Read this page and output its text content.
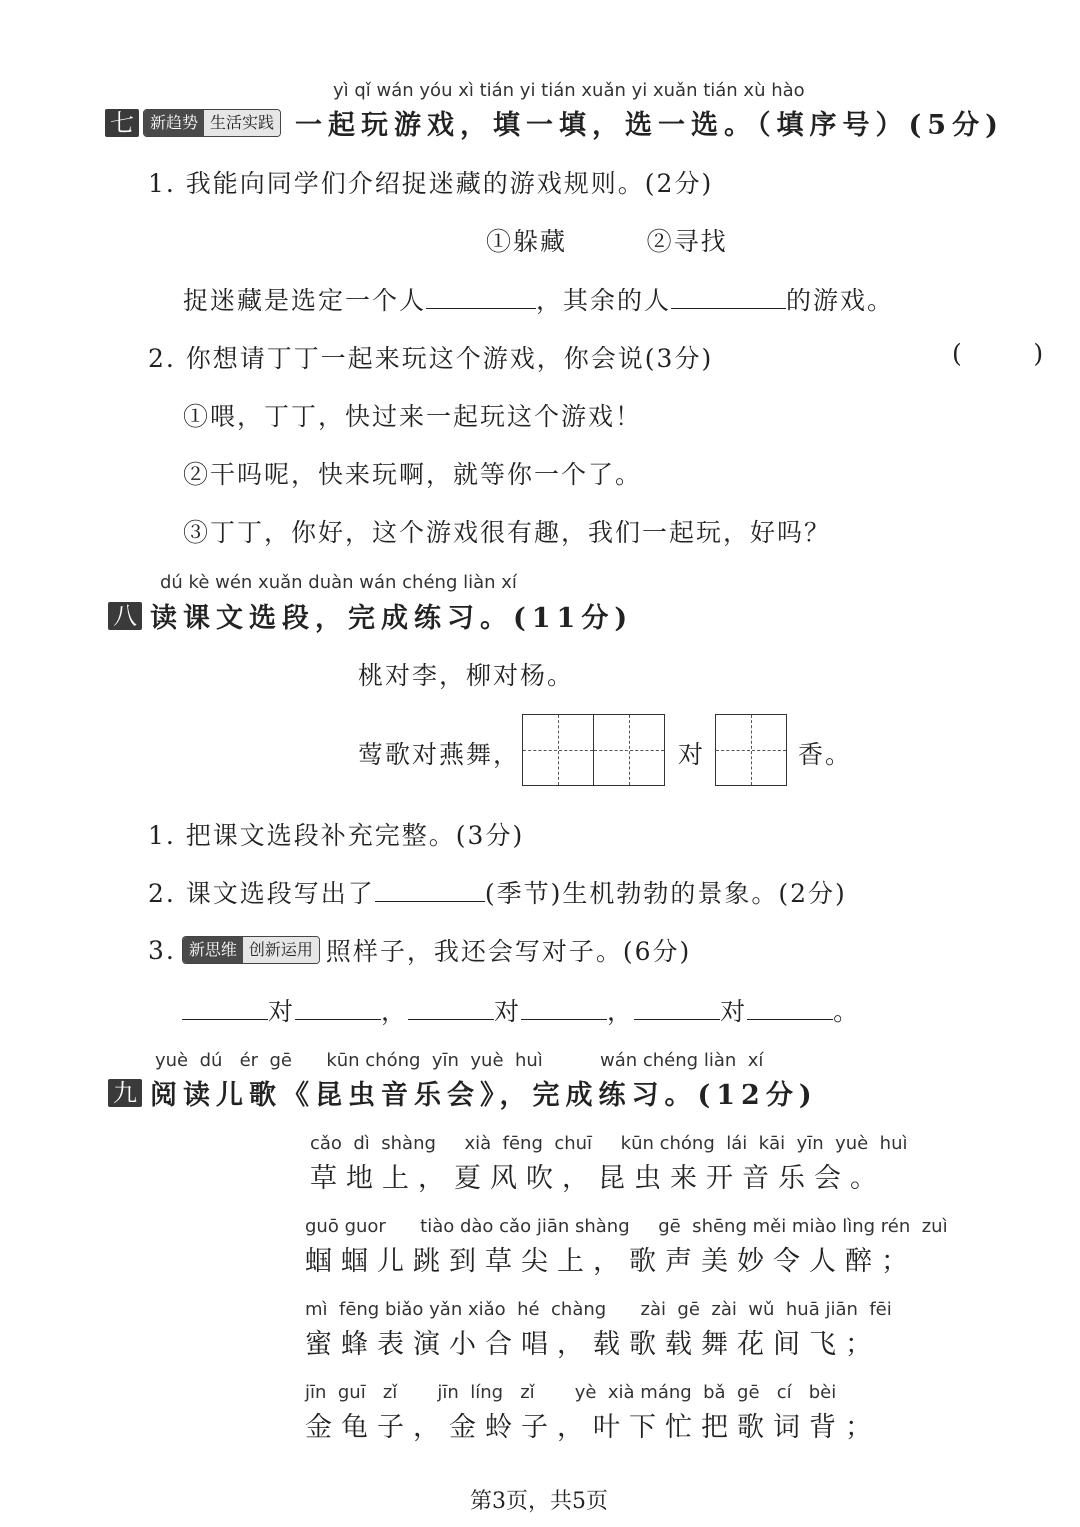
yì qǐ wán yóu xì tián yi tián xuǎn yi xuǎn tián xù hào
七	新趋势 生活实践 一起玩游戏，填一填，选一选。（填序号）(5分)
1. 我能向同学们介绍捉迷藏的游戏规则。(2分)
①躲藏        ②寻找
捉迷藏是选定一个人	，其余的人	的游戏。
2. 你想请丁丁一起来玩这个游戏，你会说(3分)	(       )
①喂，丁丁，快过来一起玩这个游戏！
②干吗呢，快来玩啊，就等你一个了。
③丁丁，你好，这个游戏很有趣，我们一起玩，好吗？
dú kè wén xuǎn duàn wán chéng liàn xí
八 读课文选段，完成练习。(11分)
桃对李，柳对杨。
莺歌对燕舞，	对	香。
1. 把课文选段补充完整。(3分)
2. 课文选段写出了	(季节)生机勃勃的景象。(2分)
3. 新思维 创新运用 照样子，我还会写对子。(6分)
对	，	对	，	对	。
yuè  dú   ér  gē      kūn chóng  yīn  yuè  huì          wán chéng liàn  xí
九 阅读儿歌《昆虫音乐会》，完成练习。(12分)
cǎo  dì  shàng     xià  fēng  chuī     kūn chóng  lái  kāi  yīn  yuè  huì
草地上，夏风吹，昆虫来开音乐会。
guō guor      tiào dào cǎo jiān shàng     gē  shēng měi miào lìng rén  zuì
蝈蝈儿跳到草尖上，歌声美妙令人醉；
mì  fēng biǎo yǎn xiǎo  hé  chàng      zài  gē  zài  wǔ  huā jiān  fēi
蜜蜂表演小合唱，载歌载舞花间飞；
jīn  guī   zǐ       jīn  líng   zǐ       yè  xià máng  bǎ  gē   cí   bèi
金龟子，金蛉子，叶下忙把歌词背；
第3页，共5页
